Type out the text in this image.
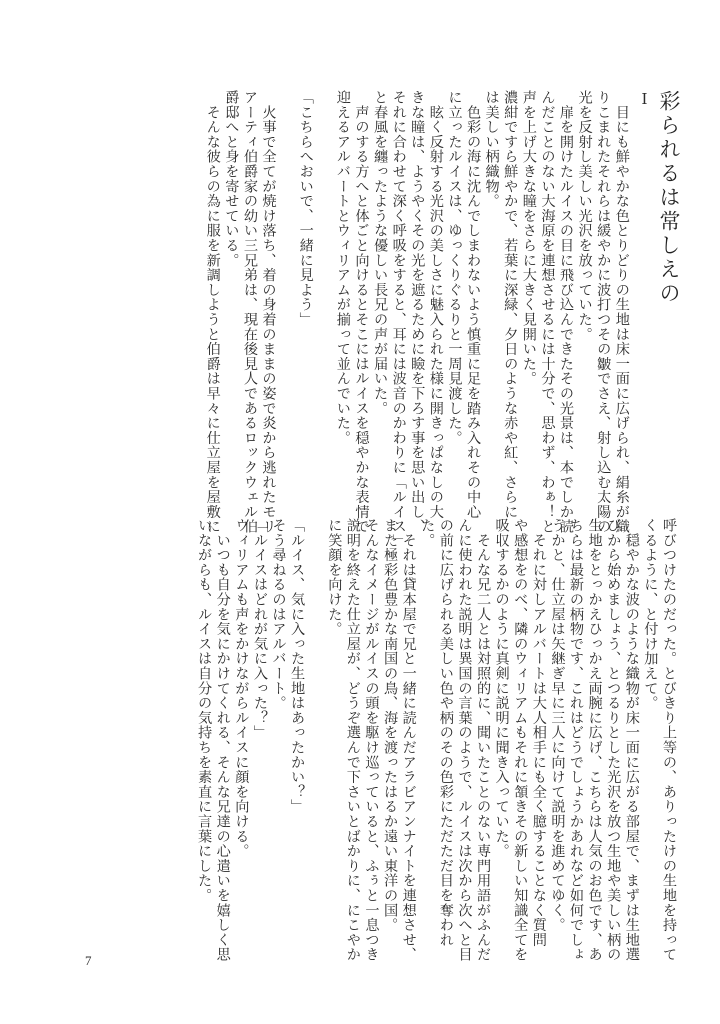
彩られるは常しえの
I
　目にも鮮やかな色とりどりの生地は床一面に広げられ、絹糸が織
りこまれたそれらは緩やかに波打つその皺でさえ、射し込む太陽の
光を反射し美しい光沢を放っていた。
　扉を開けたルイスの目に飛び込んできたその光景は、本でしか読
んだことのない大海原を連想させるには十分で、思わず、わぁ！と
声を上げ大きな瞳をさらに大きく見開いた。
濃紺ですら鮮やかで、若葉に深緑、夕日のような赤や紅、さらに
は美しい柄織物。
　色彩の海に沈んでしまわないよう慎重に足を踏み入れその中心
に立ったルイスは、ゆっくりぐるりと一周見渡した。
　眩く反射する光沢の美しさに魅入られた様に開きっぱなしの大
きな瞳は、ようやくその光を遮るために瞼を下ろす事を思い出し、
それに合わせて深く呼吸をすると、耳には波音のかわりに「ルイス」
と春風を纏ったような優しい長兄の声が届いた。
　声のする方へと体ごと向けるとそこにはルイスを穏やかな表情で
迎えるアルバートとウィリアムが揃って並んでいた。
「こちらへおいで、一緒に見よう」
　火事で全てが焼け落ち、着の身着のままの姿で炎から逃れたモリ
アーティ伯爵家の幼い三兄弟は、現在後見人であるロックウェル伯
爵邸へと身を寄せている。
　そんな彼らの為に服を新調しようと伯爵は早々に仕立屋を屋敷に
呼びつけたのだった。とびきり上等の、ありったけの生地を持って
くるように、と付け加えて。
　穏やかな波のような織物が床一面に広がる部屋で、まずは生地選
びから始めましょう、とつるりとした光沢を放つ生地や美しい柄の
生地をとっかえひっかえ両腕に広げ、こちらは人気のお色です、あ
ちらは最新の柄物です、これはどうでしょうかあれなど如何でしょ
うかと、仕立屋は矢継ぎ早に三人に向けて説明を進めてゆく。
　それに対しアルバートは大人相手にも全く臆することなく質問
や感想をのべ、隣のウィリアムもそれに頷きその新しい知識全てを
吸収するかのように真剣に説明に聞き入っていた。
　そんな兄二人とは対照的に、聞いたことのない専門用語がふんだ
んに使われた説明は異国の言葉のようで、ルイスは次から次へと目
の前に広げられる美しい色や柄のその色彩にただただ目を奪われ
た。
　それは貸本屋で兄と一緒に読んだアラビアンナイトを連想させ、
また極彩色豊かな南国の鳥、海を渡ったはるか遠い東洋の国。
そんなイメージがルイスの頭を駆け巡っていると、ふぅと一息つき
説明を終えた仕立屋が、どうぞ選んで下さいとばかりに、にこやか
に笑顔を向けた。
「ルイス、気に入った生地はあったかい？」
そう尋ねるのはアルバート。
「ルイスはどれが気に入った？」
ウィリアムも声をかけながらルイスに顔を向ける。
　いつも自分を気にかけてくれる、そんな兄達の心遣いを嬉しく思
いながらも、ルイスは自分の気持ちを素直に言葉にした。
7
